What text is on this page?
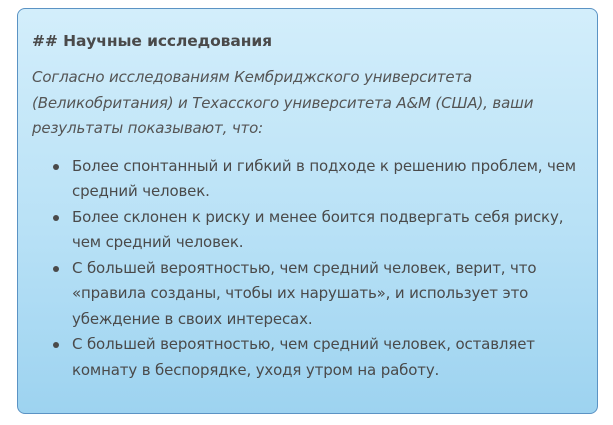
## Научные исследования
Согласно исследованиям Кембриджского университета (Великобритания) и Техасского университета A&M (США), ваши результаты показывают, что:
Более спонтанный и гибкий в подходе к решению проблем, чем средний человек.
Более склонен к риску и менее боится подвергать себя риску, чем средний человек.
С большей вероятностью, чем средний человек, верит, что «правила созданы, чтобы их нарушать», и использует это убеждение в своих интересах.
С большей вероятностью, чем средний человек, оставляет комнату в беспорядке, уходя утром на работу.
